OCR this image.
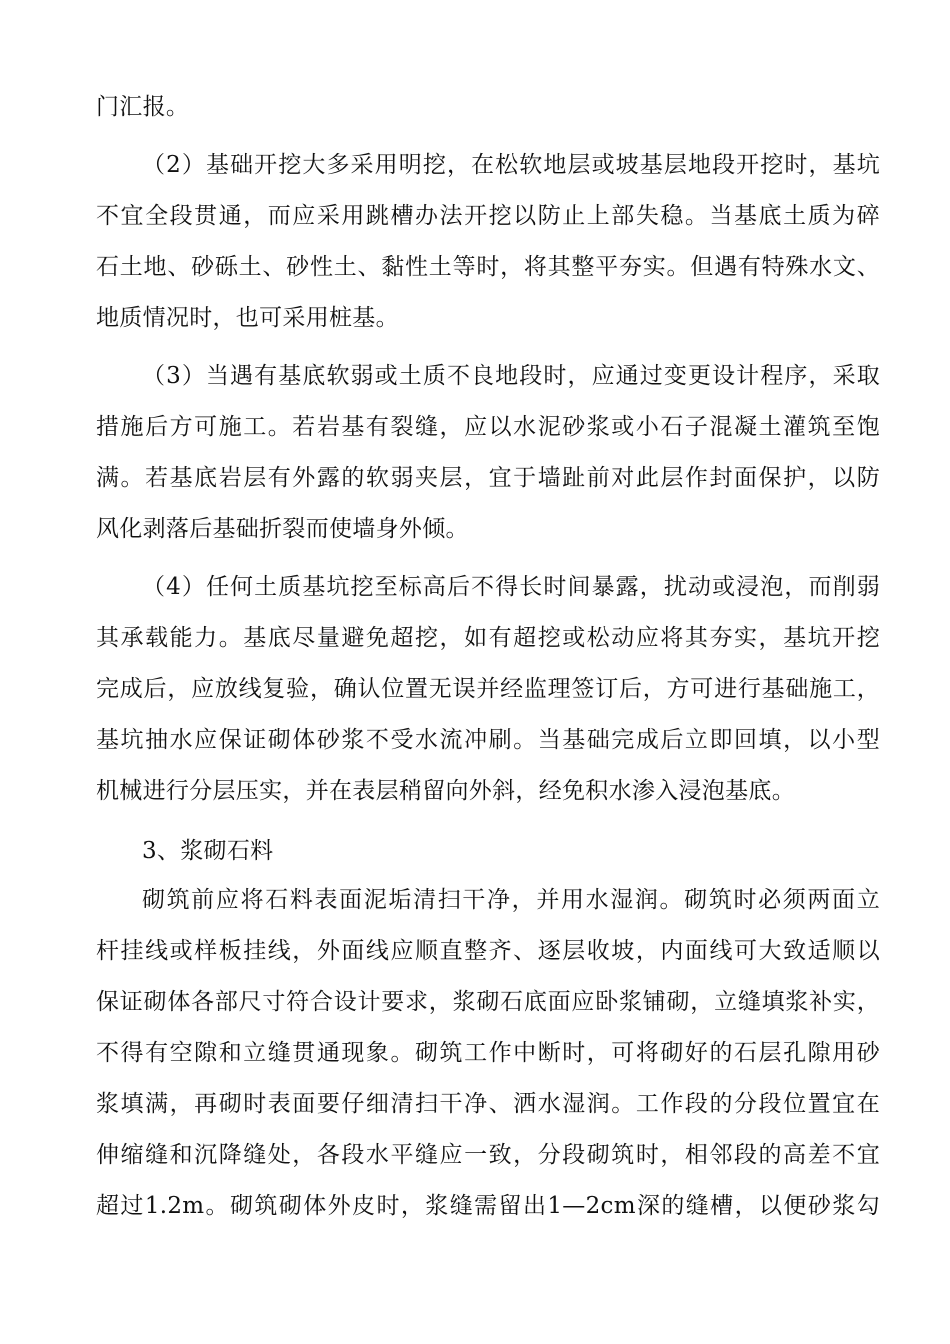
门汇报。
（2）基础开挖大多采用明挖，在松软地层或坡基层地段开挖时，基坑
不宜全段贯通，而应采用跳槽办法开挖以防止上部失稳。当基底土质为碎
石土地、砂砾土、砂性土、黏性土等时，将其整平夯实。但遇有特殊水文、
地质情况时，也可采用桩基。
（3）当遇有基底软弱或土质不良地段时，应通过变更设计程序，采取
措施后方可施工。若岩基有裂缝，应以水泥砂浆或小石子混凝土灌筑至饱
满。若基底岩层有外露的软弱夹层，宜于墙趾前对此层作封面保护，以防
风化剥落后基础折裂而使墙身外倾。
（4）任何土质基坑挖至标高后不得长时间暴露，扰动或浸泡，而削弱
其承载能力。基底尽量避免超挖，如有超挖或松动应将其夯实，基坑开挖
完成后，应放线复验，确认位置无误并经监理签订后，方可进行基础施工，
基坑抽水应保证砌体砂浆不受水流冲刷。当基础完成后立即回填，以小型
机械进行分层压实，并在表层稍留向外斜，经免积水渗入浸泡基底。
3、浆砌石料
砌筑前应将石料表面泥垢清扫干净，并用水湿润。砌筑时必须两面立
杆挂线或样板挂线，外面线应顺直整齐、逐层收坡，内面线可大致适顺以
保证砌体各部尺寸符合设计要求，浆砌石底面应卧浆铺砌，立缝填浆补实，
不得有空隙和立缝贯通现象。砌筑工作中断时，可将砌好的石层孔隙用砂
浆填满，再砌时表面要仔细清扫干净、洒水湿润。工作段的分段位置宜在
伸缩缝和沉降缝处，各段水平缝应一致，分段砌筑时，相邻段的高差不宜
超过1.2m。砌筑砌体外皮时，浆缝需留出1—2cm深的缝槽，以便砂浆勾
